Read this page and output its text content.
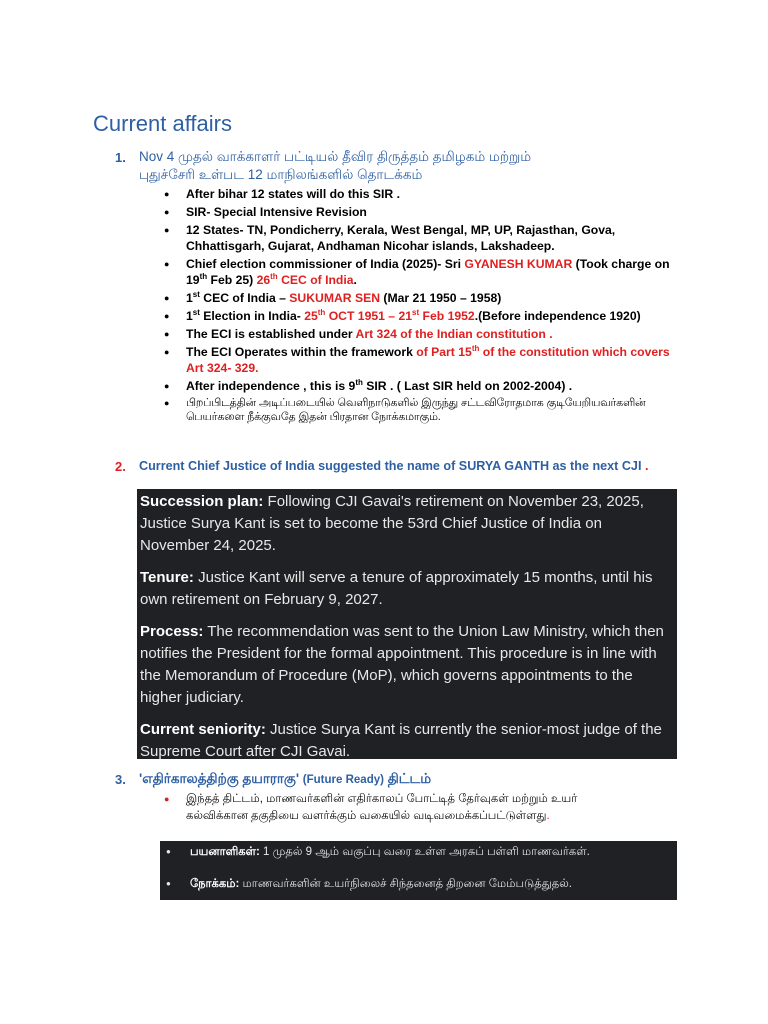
Current affairs
1. Nov 4 முதல் வாக்காளர் பட்டியல் தீவிர திருத்தம் தமிழகம் மற்றும்
புதுச்சேரி உள்பட 12 மாநிலங்களில் தொடக்கம்
● After bihar 12 states will do this SIR .
● SIR- Special Intensive Revision
● 12 States- TN, Pondicherry, Kerala, West Bengal, MP, UP, Rajasthan, Gova, Chhattisgarh, Gujarat, Andhaman Nicohar islands, Lakshadeep.
● Chief election commissioner of India (2025)- Sri GYANESH KUMAR (Took charge on 19th Feb 25) 26th CEC of India.
● 1st CEC of India – SUKUMAR SEN (Mar 21 1950 – 1958)
● 1st Election in India- 25th OCT 1951 – 21st Feb 1952.(Before independence 1920)
● The ECI is established under Art 324 of the Indian constitution .
● The ECI Operates within the framework of Part 15th of the constitution which covers Art 324- 329.
● After independence , this is 9th SIR . ( Last SIR held on 2002-2004) .
● பிறப்பிடத்தின் அடிப்படையில் வெளிநாடுகளில் இருந்து சட்டவிரோதமாக குடியேறியவர்களின் பெயர்களை நீக்குவதே இதன் பிரதான நோக்கமாகும்.
2. Current Chief Justice of India suggested the name of SURYA GANTH as the next CJI .

Succession plan: Following CJI Gavai's retirement on November 23, 2025, Justice Surya Kant is set to become the 53rd Chief Justice of India on November 24, 2025.

Tenure: Justice Kant will serve a tenure of approximately 15 months, until his own retirement on February 9, 2027.

Process: The recommendation was sent to the Union Law Ministry, which then notifies the President for the formal appointment. This procedure is in line with the Memorandum of Procedure (MoP), which governs appointments to the higher judiciary.

Current seniority: Justice Surya Kant is currently the senior-most judge of the Supreme Court after CJI Gavai.

3. 'எதிர்காலத்திற்கு தயாராகு' (Future Ready) திட்டம்
● இந்தத் திட்டம், மாணவர்களின் எதிர்காலப் போட்டித் தேர்வுகள் மற்றும் உயர்
கல்விக்கான தகுதியை வளர்க்கும் வகையில் வடிவமைக்கப்பட்டுள்ளது.
● பயனாளிகள்: 1 முதல் 9 ஆம் வகுப்பு வரை உள்ள அரசுப் பள்ளி மாணவர்கள்.
● நோக்கம்: மாணவர்களின் உயர்நிலைச் சிந்தனைத் திறனை மேம்படுத்துதல்.
